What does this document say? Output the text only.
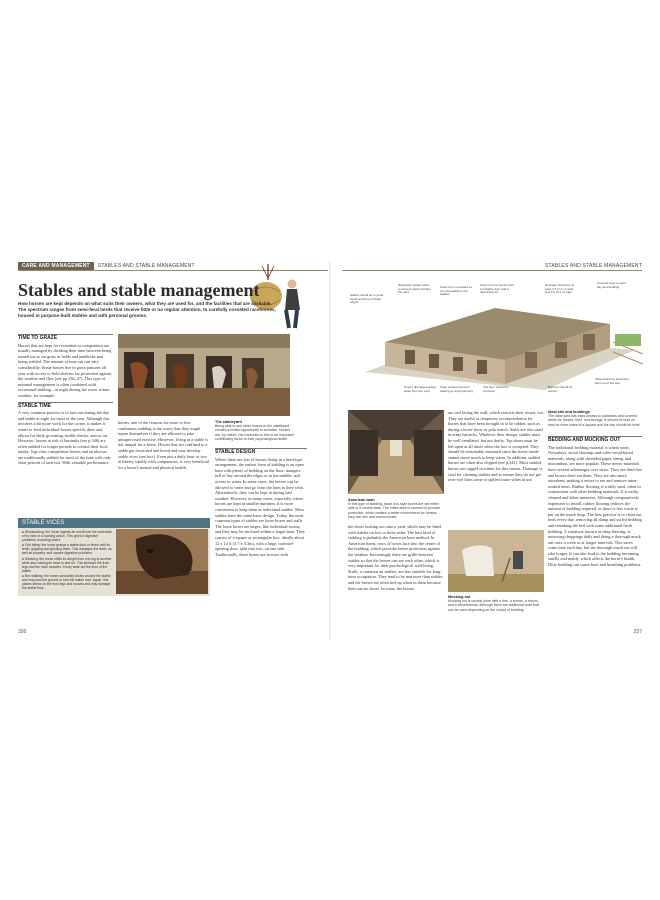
CARE AND MANAGEMENT	STABLES AND STABLE MANAGEMENT	STABLES AND STABLE MANAGEMENT
Stables and stable management
How horses are kept depends on what suits their owners, what they are used for, and the facilities that are available. The spectrum ranges from semi-feral herds that receive little or no regular attention, to carefully cosseted racehorses, housed in purpose-built stables and with personal grooms.
TIME TO GRAZE

Horses that are kept for recreation or competition are usually managed by dividing their time between being turned out to eat grass in fields and paddocks and being stabled. The amount of turn-out can vary considerably. Some horses live in grass pastures all year with access to field shelters for protection against the weather and flies (see pp.336–37). This type of minimal management is often combined with occasional stabling—at night during the worst winter weather, for example.

STABLE TIME

A very common practice is to turn out during the day and stable at night for most of the year. Although this involves a bit more work for the owner, it makes it easier to feed individual horses specific diets and allows for daily grooming, health checks, and so on. However, horses at risk of laminitis (see p.346) are often stabled for longer periods to control their food intake. Top-class competition horses and racehorses are traditionally stabled for most of the time with only short periods of turn-out. With valuable performance

horses, one of the reasons for more or less continuous stabling is the worry that they might injure themselves if they are allowed to take unsupervised exercise. However, living in a stable is not natural for a horse. Horses that are confined to a stable get frustrated and bored and may develop stable vices (see box). Even just a daily hour or two at liberty, ideally with companions, is very beneficial for a horse's mental and physical health.

The stableyard
Being able to see other horses in the stableyard creates a limited opportunity to socialize. Horses are, by nature, herd animals so this is an important contributing factor to their psychological health.
STABLE DESIGN

Where there are lots of horses living in a herd-type arrangement, the easiest form of stabling is an open barn with plenty of bedding on the floor, mangers full of hay around the edges or in the middle, and access to water. In some cases, the horses can be allowed to come and go from the barn as they wish. Alternatively, they can be kept in during bad weather. However, in many cases, especially where horses are kept in smaller numbers, it is more convenient to keep them in individual stables. Most stables have the same basic design. Today, the most common types of stables are loose boxes and stalls. The loose boxes are larges, like individual rooms, and they may be enclosed within a larger barn. They consist of a square or rectangular box, ideally about 12 x 14 ft (3.7 x 4.3m), with a large, outward-opening door, split into two, on one side. Traditionally, these boxes are in rows with

STABLE VICES
■ Windsucking: the horse ingests air and flexes the underside of its neck in a sucking action. This gives it digestive problems, including ulcers.
■ Crib biting: the horse grasps a stable door or fence with its teeth, gripping and grinding them. This damages the teeth, as well as property, and causes digestive problems.
■ Weaving: the horse shifts its weight from one leg to another while also waving its head to and fro. This stresses the front legs and the neck muscles. It may wear out the floor of the stable.
■ Box walking: the horse constantly circles around the stable and may paw the ground or kick the stable door. Again, this places stress on the front legs and hooves and may damage the stable floor.
Stable should be in good repair and free of sharp edges
Rainwater system sited to prevent water flooding the yard
Feed room is located so it is accessible to the stables
Feed room is secure with a lockable door and a tight-fitting lid
Doorway should be at least 4 ft (1.2 m) wide and 8 ft (2.4 m) high
Covered area to store hay and bedding
Proper drainage leading away from the yard
Clear covered area for tacking up and grooming
The floor should be concrete
Barriers should be secure
Wheel barrows should be kept out of the way
American barn
In this type of stabling, loose box-style boxes are set either side of a central aisle. The entire area is covered to provide protection, which creates a better environment for horses: they can see and communicate.

the doors looking out onto a yard, which may be lined with stables on two or three sides. The best kind of stabling is probably the American barn method. In American barns, rows of boxes face into the center of the building, which provides better protection against the weather. Increasingly there are grille-between stables so that the horses can see each other, which is very important for their psychological well-being. Stalls, a variation on stables, are less suitable for long-term occupation. They tend to be narrower than stables and the horses are often tied up when in them because there are no doors. In some, the horses

are tied facing the wall, which restricts their vision, too. They are useful as temporary accommodation for horses that have been brought in to be ridden, such as during a horse show or polo match. Stalls are also used in army barracks. Whatever their design, stables must be well ventilated, but not drafty. Top doors must be left open at all times when the box is occupied. They should be reasonably insulated since the horse inside cannot move much to keep warm. In addition, stabled horses are often also clipped (see p.341). Most stabled horses are rugged in winter for this reason. Drainage is vital for cleaning stables and to ensure they do not get over-wet from urine or spilled water when in use.

Mucking out
Mucking out is usually done with a fork, a shovel, a broom, and a wheelbarrow, although there are additional tools that can be used depending on the choice of bedding.
Ideal site and buildings
The ideal yard has easy access to paddocks and covered areas for horses, feed, and storage. It should be built on land on more sides of a square and the site should be level.
BEDDING AND MUCKING OUT

The traditional bedding material is wheat straw. Nowadays, wood shavings and other wood-based materials, along with shredded paper, hemp, and miscanthus, are more popular. These newer materials have several advantages over straw. They are dust-free and horses don't eat them. They are also more absorbent, making it easier to see and remove urine-soaked areas. Rubber flooring is widely used, often in conjunction with other bedding materials. It is easily cleaned and labor-intensive. Although comparatively expensive to install, rubber flooring reduces the amount of bedding required, so there is less waste to put on the muck heap. The best practice is to clean out beds every day, removing all damp and soiled bedding and remaking the bed with some additional fresh bedding. A variation, known as deep littering, is removing droppings daily and doing a thorough muck out once a week or at longer intervals. This saves some time each day, but the thorough muck out will take longer. It can also lead to the bedding becoming smelly and moldy, which affects the horse's health. Dirty bedding can cause hoof and breathing problems.

336	337
